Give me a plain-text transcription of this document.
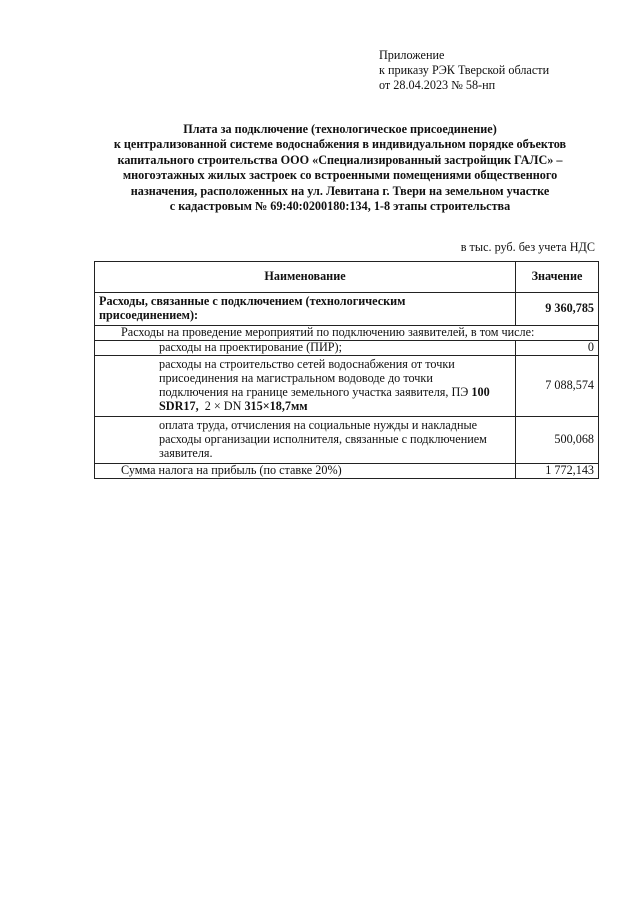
Приложение
к приказу РЭК Тверской области
от 28.04.2023 № 58-нп
Плата за подключение (технологическое присоединение)
к централизованной системе водоснабжения в индивидуальном порядке объектов
капитального строительства ООО «Специализированный застройщик ГАЛС» –
многоэтажных жилых застроек со встроенными помещениями общественного
назначения, расположенных на ул. Левитана г. Твери на земельном участке
с кадастровым № 69:40:0200180:134, 1-8 этапы строительства
в тыс. руб. без учета НДС
Наименование	Значение
Расходы, связанные с подключением (технологическим
присоединением):	9 360,785
Расходы на проведение мероприятий по подключению заявителей, в том числе:	
расходы на проектирование (ПИР);	0
расходы на строительство сетей водоснабжения от точки
присоединения на магистральном водоводе до точки
подключения на границе земельного участка заявителя, ПЭ 100
SDR17, 2 × DN 315×18,7мм	7 088,574
оплата труда, отчисления на социальные нужды и накладные
расходы организации исполнителя, связанные с подключением
заявителя.	500,068
Сумма налога на прибыль (по ставке 20%)	1 772,143
